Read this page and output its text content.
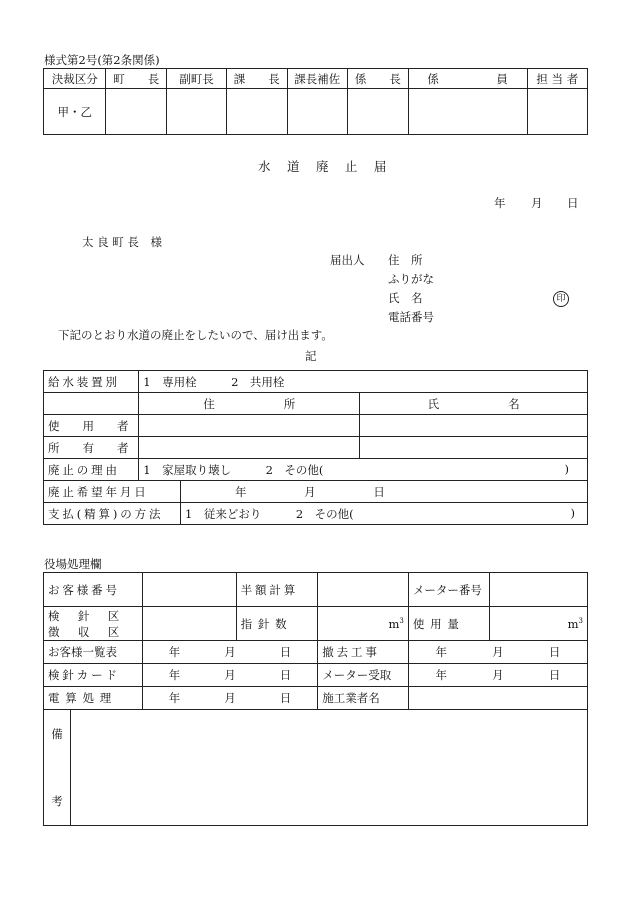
様式第2号(第2条関係)
決裁区分	町　　長	副町長	課　　長	課長補佐	係　　長	係　　　　　員	担 当 者
甲・乙							
水 道 廃 止 届
年 月 日
太 良 町 長　様
届出人 住　所
ふりがな
氏　名
電話番号
印
下記のとおり水道の廃止をしたいので、届け出ます。
記
給水装置別	1　専用栓　　　2　共用栓		
	住　　　　　　所		氏　　　　　　名
使　用　者			
所　有　者			
廃止の理由	1　家屋取り壊し　　　2　その他( )		

廃止希望年月日		年 月 日	
支払(精算)の方法		1　従来どおり　　　2　その他( )	
役場処理欄
お客様番号		半額計算		メーター番号	

検針区
徴収区		指針数	$m^3$	使用量	$m^3$
お客様一覧表	年 月 日		撤去工事	年 月 日	

検針カード	年 月 日		メーター受取	年 月 日	

電算処理	年 月 日		施工業者名		
備
考
